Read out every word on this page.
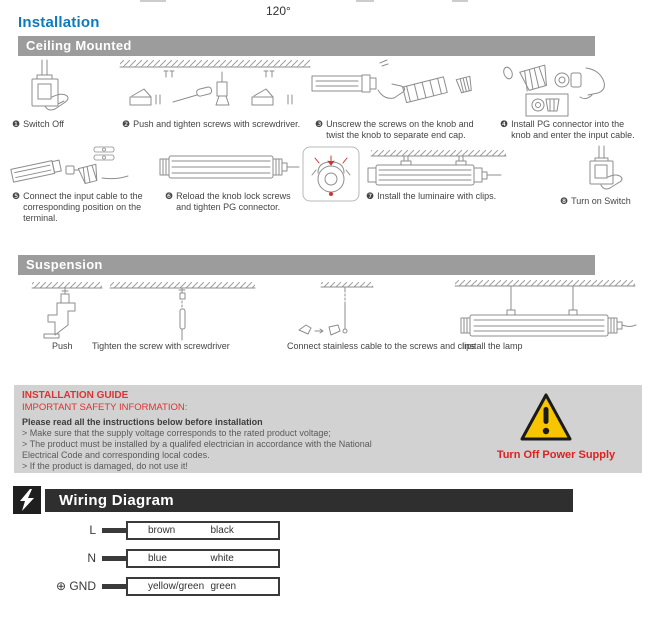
120°
Installation
Ceiling Mounted
❶ Switch Off	❷ Push and tighten screws with screwdriver. ❸ Unscrew the screws on the knob and twist the knob to separate end cap.
❹ Install PG connector into the knob and enter the input cable.
❺ Connect the input cable to the corresponding position on the terminal.
❻ Reload the knob lock screws and tighten PG connector.
❼ Install the luminaire with clips.	❽ Turn on Switch
Suspension
Push Tighten the screw with screwdriver	Connect stainless cable to the screws and clips
Install the lamp
INSTALLATION GUIDE
IMPORTANT SAFETY INFORMATION:
Please read all the instructions below before installation
> Make sure that the supply voltage corresponds to the rated product voltage;
> The product must be installed by a qualifed electrician in accordance with the National Electrical Code and corresponding local codes.
> If the product is damaged, do not use it!
Turn Off Power Supply
Wiring Diagram
L	brown	black
N	blue	white
⊕ GND	yellow/green green
